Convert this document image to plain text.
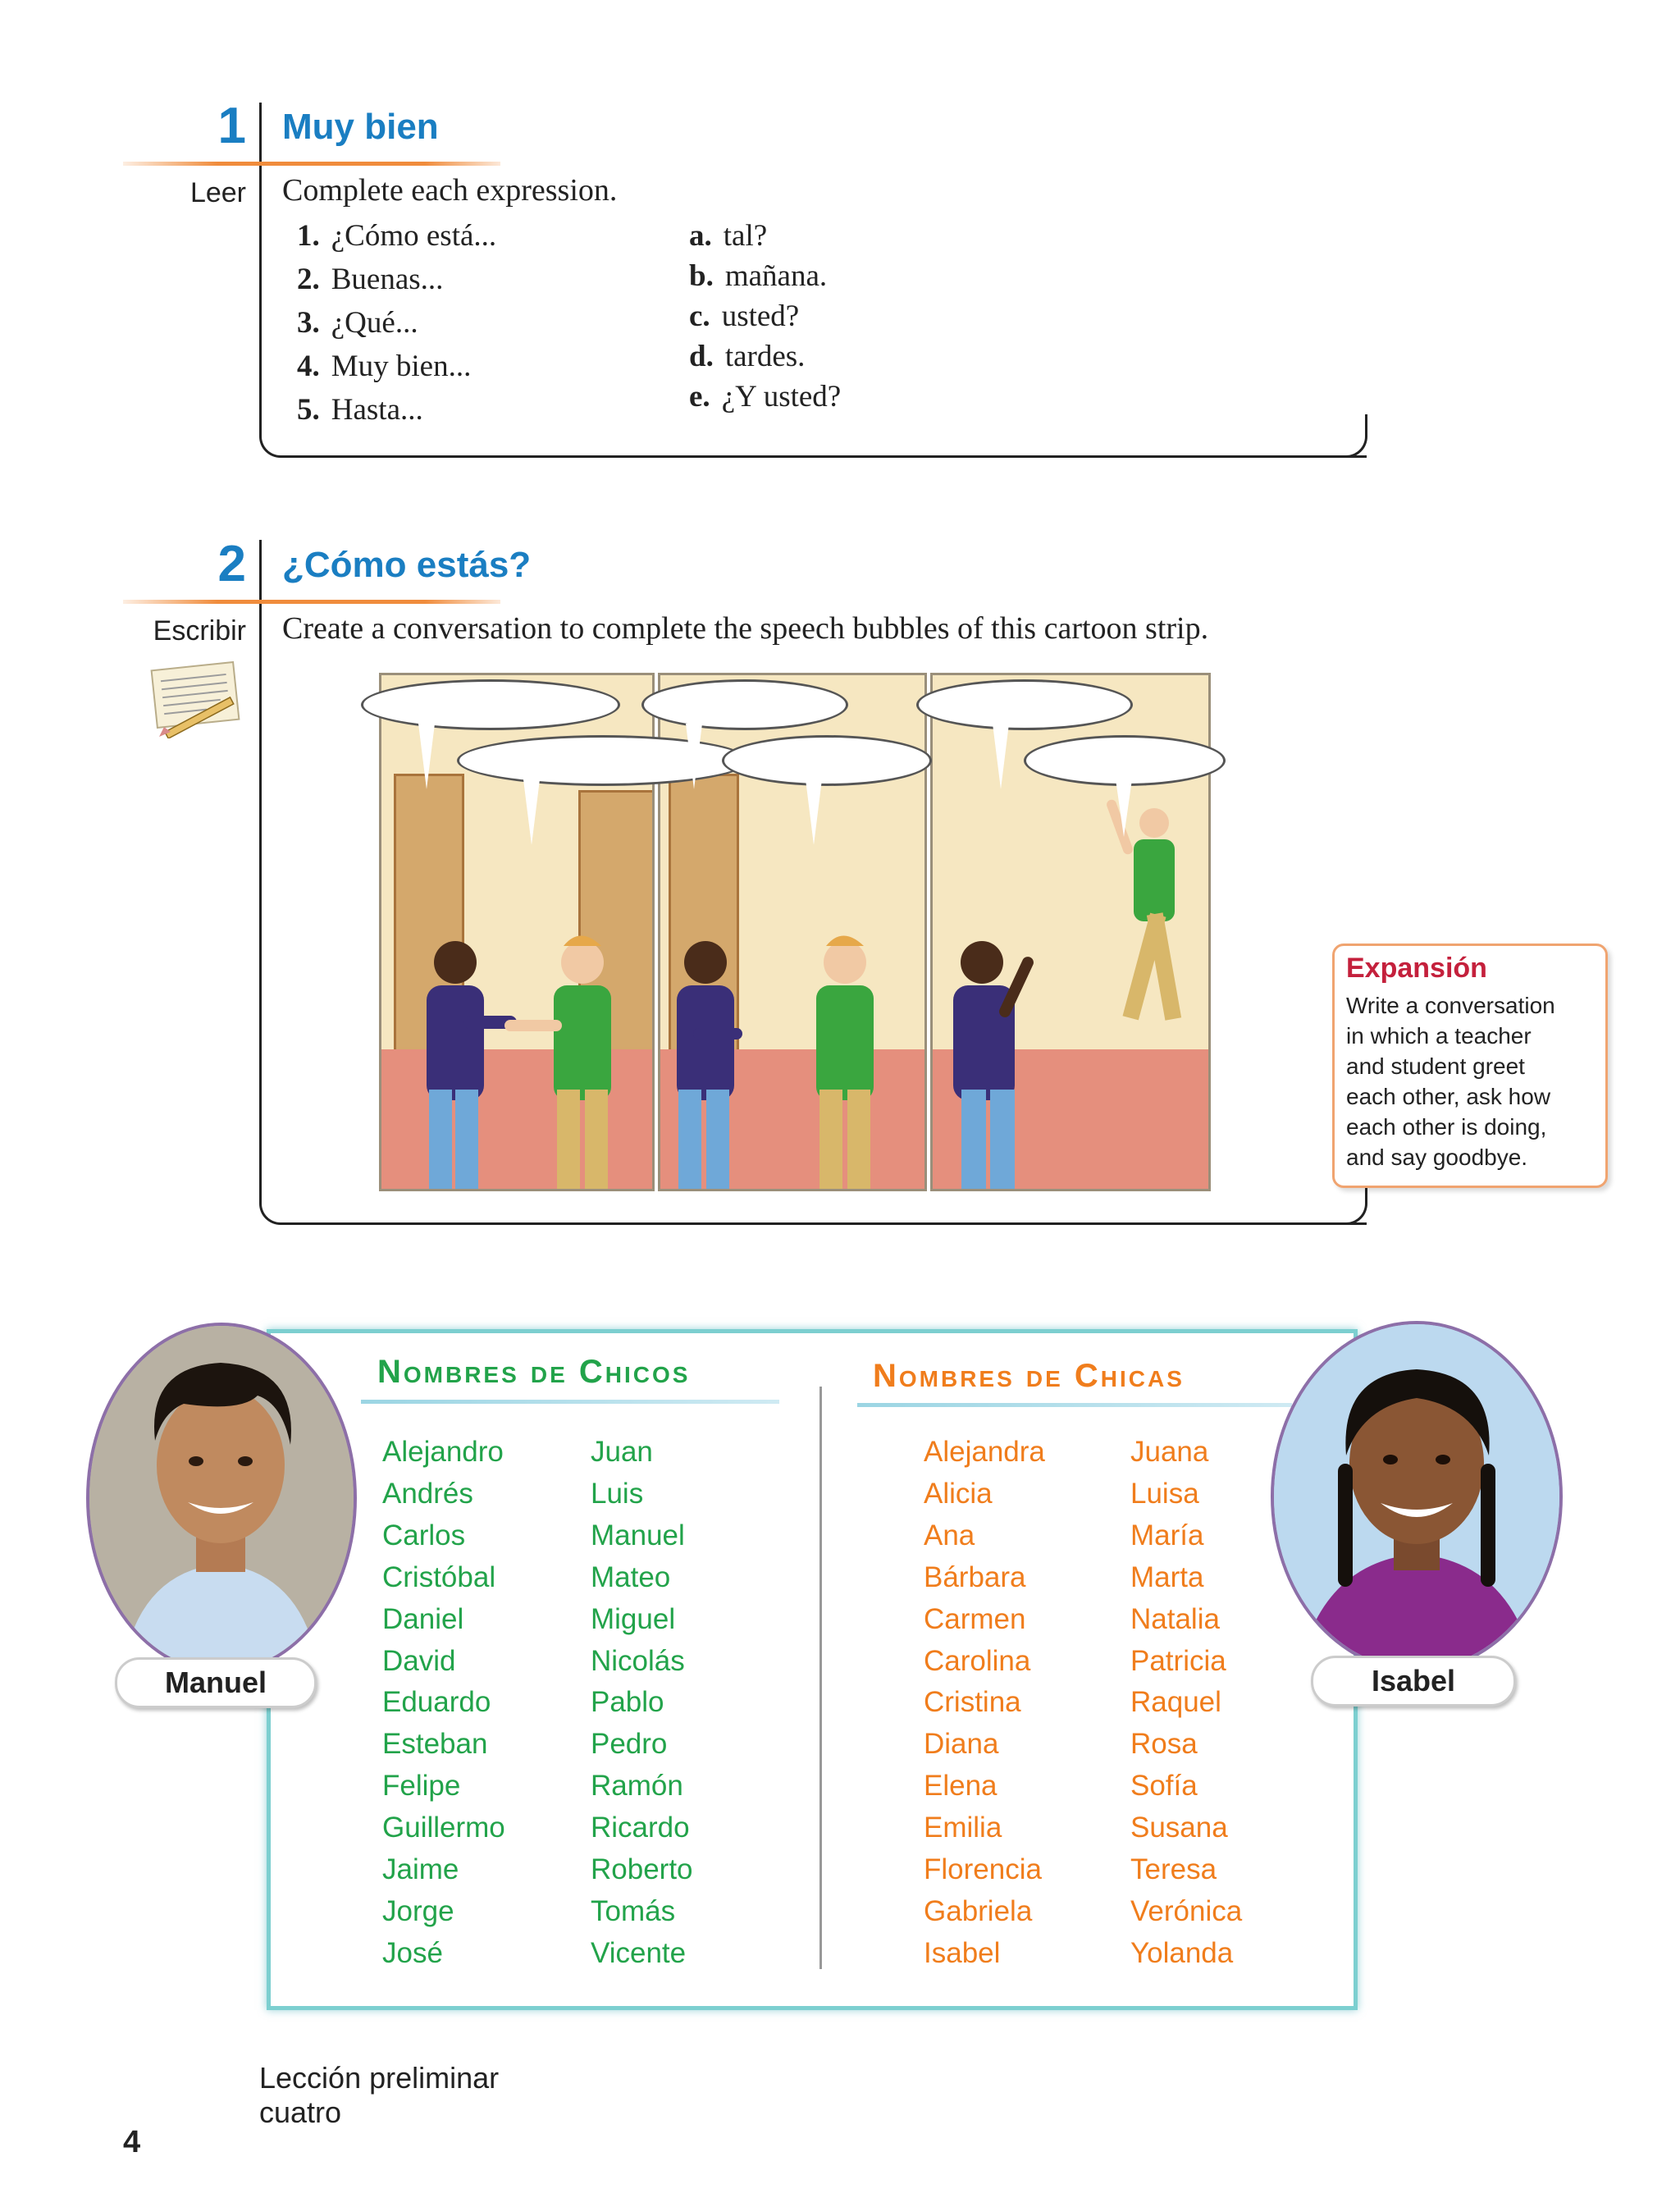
1 Muy bien
Leer Complete each expression.
1. ¿Cómo está...
2. Buenas...
3. ¿Qué...
4. Muy bien...
5. Hasta...
a. tal?
b. mañana.
c. usted?
d. tardes.
e. ¿Y usted?
2 ¿Cómo estás?
Escribir Create a conversation to complete the speech bubbles of this cartoon strip.
Expansión
Write a conversation
in which a teacher
and student greet
each other, ask how
each other is doing,
and say goodbye.
Nombres de Chicos	Nombres de Chicas
Alejandro
Andrés
Carlos
Cristóbal
Daniel
David
Eduardo
Esteban
Felipe
Guillermo
Jaime
Jorge
José
Juan
Luis
Manuel
Mateo
Miguel
Nicolás
Pablo
Pedro
Ramón
Ricardo
Roberto
Tomás
Vicente
Alejandra
Alicia
Ana
Bárbara
Carmen
Carolina
Cristina
Diana
Elena
Emilia
Florencia
Gabriela
Isabel
Juana
Luisa
María
Marta
Natalia
Patricia
Raquel
Rosa
Sofía
Susana
Teresa
Verónica
Yolanda
Manuel	Isabel
4
Lección preliminar
cuatro
